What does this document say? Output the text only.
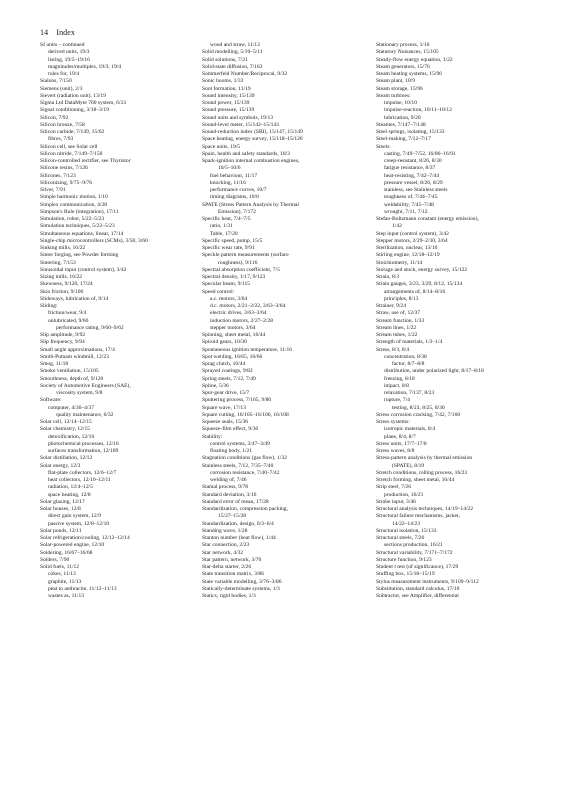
14 Index
SI units – continued
derived units, 19/3
listing, 19/5–19/16
magnitudes/multiples, 19/3, 19/4
rules for, 19/4
Sialons, 7/150
Siemens (unit), 2/3
Sievert (radiation unit), 13/19
Sigma Ltd DataMyte 760 system, 6/33
Signal conditioning, 3/18–3/19
Silicon, 7/92
Silicon bronze, 7/58
Silicon carbide, 7/149, 15/62
fibres, 7/93
Silicon cell, see Solar cell
Silicon nitride, 7/149–7/150
Silicon-controlled rectifier, see Thyristor
Silicone resins, 7/126
Silicones, 7/123
Siliconizing, 9/75–9/76
Silver, 7/91
Simple harmonic motion, 1/10
Simplex communication, 4/28
Simpson's Rule (integration), 17/11
Simulation, robot, 5/22–5/23
Simulation techniques, 5/22–5/23
Simultaneous equations, linear, 17/14
Single-chip microcontrollers (SCMs), 3/58, 3/60
Sinking mills, 16/22
Sinter forging, see Powder forming
Sintering, 7/153
Sinusoidal input (control system), 3/42
Sizing mills, 16/22
Skewness, 9/120, 17/24
Skin friction, 9/106
Slideways, lubrication of, 9/14
Sliding:
friction/wear, 9/4
unlubricated, 9/60
performance rating, 9/60–9/62
Slip amplitude, 9/92
Slip frequency, 9/94
Small angle approximations, 17/4
Smith-Putnam windmill, 12/23
Smog, 11/18
Smoke ventilation, 15/105
Smoothness, depth of, 9/120
Society of Automotive Engineers (SAE),
viscosity system, 9/8
Software:
computer, 4/36–4/37
quality maintenance, 6/32
Solar cell, 12/14–12/15
Solar chemistry, 12/15
detoxification, 12/16
photochemical processes, 12/16
surfaces transformation, 12/189
Solar distillation, 12/12
Solar energy, 12/3
flat-plate collectors, 12/6–12/7
heat collectors, 12/10–12/11
radiation, 12/4–12/5
space heating, 12/8
Solar glazing, 12/17
Solar houses, 12/8
direct gain system, 12/9
passive system, 12/8–12/10
Solar ponds, 12/11
Solar refrigeration/cooling, 12/12–12/14
Solar-powered engine, 12/10
Soldering, 16/67–16/68
Solders, 7/90
Solid fuels, 11/12
cokes, 11/13
graphite, 11/13
peat to anthracite, 11/12–11/13
wastes as, 11/13
wood and straw, 11/12
Solid modelling, 5/10–5/11
Solid solutions, 7/21
Solid-state diffusion, 7/163
Sommerfeld Number/Reciprocal, 9/32
Sonic booms, 1/33
Soot formation, 11/19
Sound intensity, 15/139
Sound power, 15/139
Sound pressure, 15/139
Sound units and symbols, 19/13
Sound-level meter, 15/142–15/143
Sound-reduction index (SRI), 15/147, 15/149
Space heating, energy survey, 15/118–15/120
Space units, 19/5
Spain, health and safety standards, 18/3
Spark-ignition internal combustion engines,
10/5–10/6
fuel behaviour, 11/17
knocking, 11/16
performance curves, 10/7
timing diagrams, 10/6
SPATE (Stress Pattern Analysis by Thermal
Emission), 7/172
Specific heat, 7/4–7/5
ratio, 1/31
Table, 17/20
Specific speed, pump, 15/5
Specific wear rate, 9/91
Speckle pattern measurements (surface
roughness), 9/116
Spectral absorption coefficient, 7/5
Spectral density, 1/17, 9/123
Specular beam, 9/115
Speed control:
a.c. motors, 3/64
d.c. motors, 2/21–2/22, 3/63–3/64
electric drives, 3/63–3/64
induction motors, 2/27–2/28
stepper motors, 3/64
Spinning, sheet metal, 16/44
Spiroid gears, 10/30
Spontaneous ignition temperature, 11/16
Spot welding, 16/65, 16/66
Sprag clutch, 10/44
Sprayed coatings, 9/82
Spring steels, 7/12, 7/49
Spline, 5/36
Spur-gear drive, 15/7
Sputtering process, 7/165, 9/80
Square wave, 17/13
Square cutting, 16/105–16/106, 16/108
Squeeze seals, 15/36
Squeeze-film effect, 9/36
Stability:
control systems, 3/47–3/49
floating body, 1/21
Stagnation conditions (gas flow), 1/32
Stainless steels, 7/12, 7/35–7/40
corrosion resistance, 7/40–7/42
welding of, 7/46
Stamal process, 9/78
Standard deviation, 3/16
Standard error of mean, 17/28
Standardization, compression packing,
15/27–15/28
Standardization, design, 6/3–6/4
Standing wave, 1/28
Stanton number (heat flow), 1/44
Star connection, 2/23
Star network, 4/32
Star pattern, network, 3/70
Star-delta starter, 2/26
State transition matrix, 3/86
State variable modelling, 3/76–3/86
Statically-determinate systems, 1/3
Statics, rigid bodies, 1/3
Stationary process, 1/16
Statutory Nuisances, 15/105
Steady-flow energy equation, 1/22
Steam generators, 15/76
Steam heating systems, 15/96
Steam plant, 10/9
Steam storage, 15/96
Steam turbines:
impulse, 10/10
impulse-reaction, 10/11–10/12
lubrication, 9/20
Steatites, 7/147–7/148
Steel springs, isolating, 15/133
Steel-making, 7/12–7/17
Steels:
casting, 7/49–7/52, 16/86–16/91
creep-resistant, 8/26, 8/30
fatigue resistance, 8/37
heat-resisting, 7/42–7/44
pressure vessel, 8/26, 8/29
stainless, see Stainless steels
toughness of, 7/44–7/45
weldability, 7/45–7/48
wrought, 7/11, 7/12
Stefan-Boltzmann constant (energy emission),
1/42
Step input (control system), 3/42
Stepper motors, 2/29–2/30, 3/64
Sterilization, nuclear, 13/10
Stirling engine, 12/18–12/19
Stoichiometry, 11/14
Storage and stock, energy survey, 15/122
Strain, 8/3
Strain gauges, 3/23, 3/29, 8/12, 15/134
arrangements of, 8/14–8/16
principles, 8/13
Strainer, 9/24
Straw, use of, 12/37
Stream function, 1/33
Stream lines, 1/22
Stream tubes, 1/22
Strength of materials, 1/3–1/4
Stress, 8/3, 8/4
concentration, 8/38
factor, 8/7–8/8
distribution, under polarized light, 8/17–8/18
freezing, 8/18
impact, 8/8
relaxation, 7/137, 8/23
rupture, 7/4
testing, 8/23, 8/25, 8/30
Stress corrosion cracking, 7/42, 7/160
Stress systems:
isotropic materials, 8/4
plane, 8/4, 8/7
Stress units, 17/7–17/8
Stress waves, 8/8
Stress-pattern analysis by thermal emission
(SPATE), 8/19
Stretch conditions, rolling process, 16/23
Stretch forming, sheet metal, 16/44
Strip steel, 7/26
production, 16/21
Strobe input, 3/46
Structural analysis techniques, 14/19–14/22
Structural failure mechanisms, jacket,
14/22–14/23
Structural isolation, 15/133
Structural steels, 7/26
sections production, 16/21
Structural variability, 7/171–7/172
Structure function, 9/123
Student t test (of significance), 17/29
Stuffing box, 15/18–15/19
Stylus measurement instruments, 9/109–9/112
Substitution, standard calculus, 17/10
Subtractor, see Amplifier, differential
